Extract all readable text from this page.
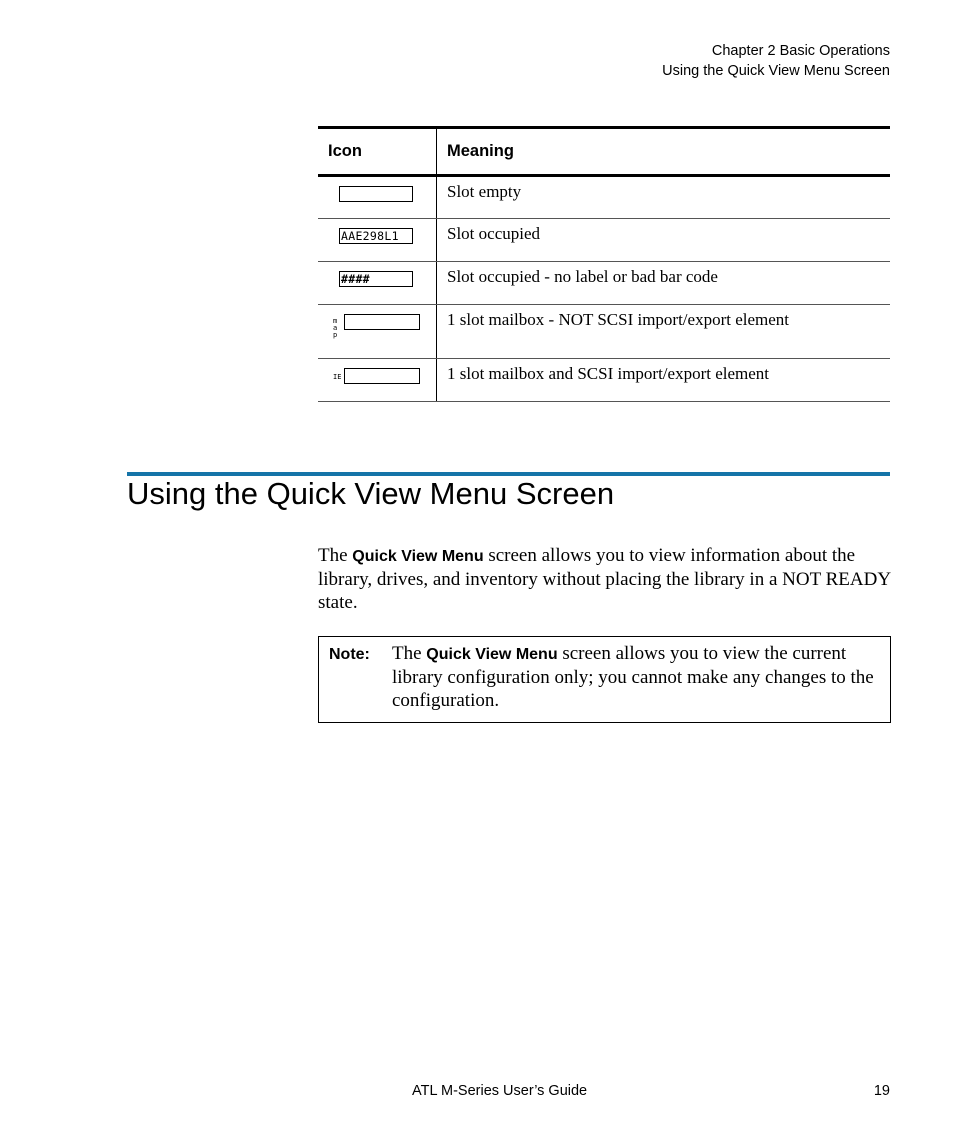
Chapter 2 Basic Operations
Using the Quick View Menu Screen
Icon	Meaning

	Slot empty

AAE298L1	Slot occupied

####	Slot occupied - no label or bad bar code

m a p	1 slot mailbox - NOT SCSI import/export element

IE	1 slot mailbox and SCSI import/export element
Using the Quick View Menu Screen

The Quick View Menu screen allows you to view information about the library, drives, and inventory without placing the library in a NOT READY state.

Note: The Quick View Menu screen allows you to view the current library configuration only; you cannot make any changes to the configuration.

ATL M-Series User’s Guide	19
